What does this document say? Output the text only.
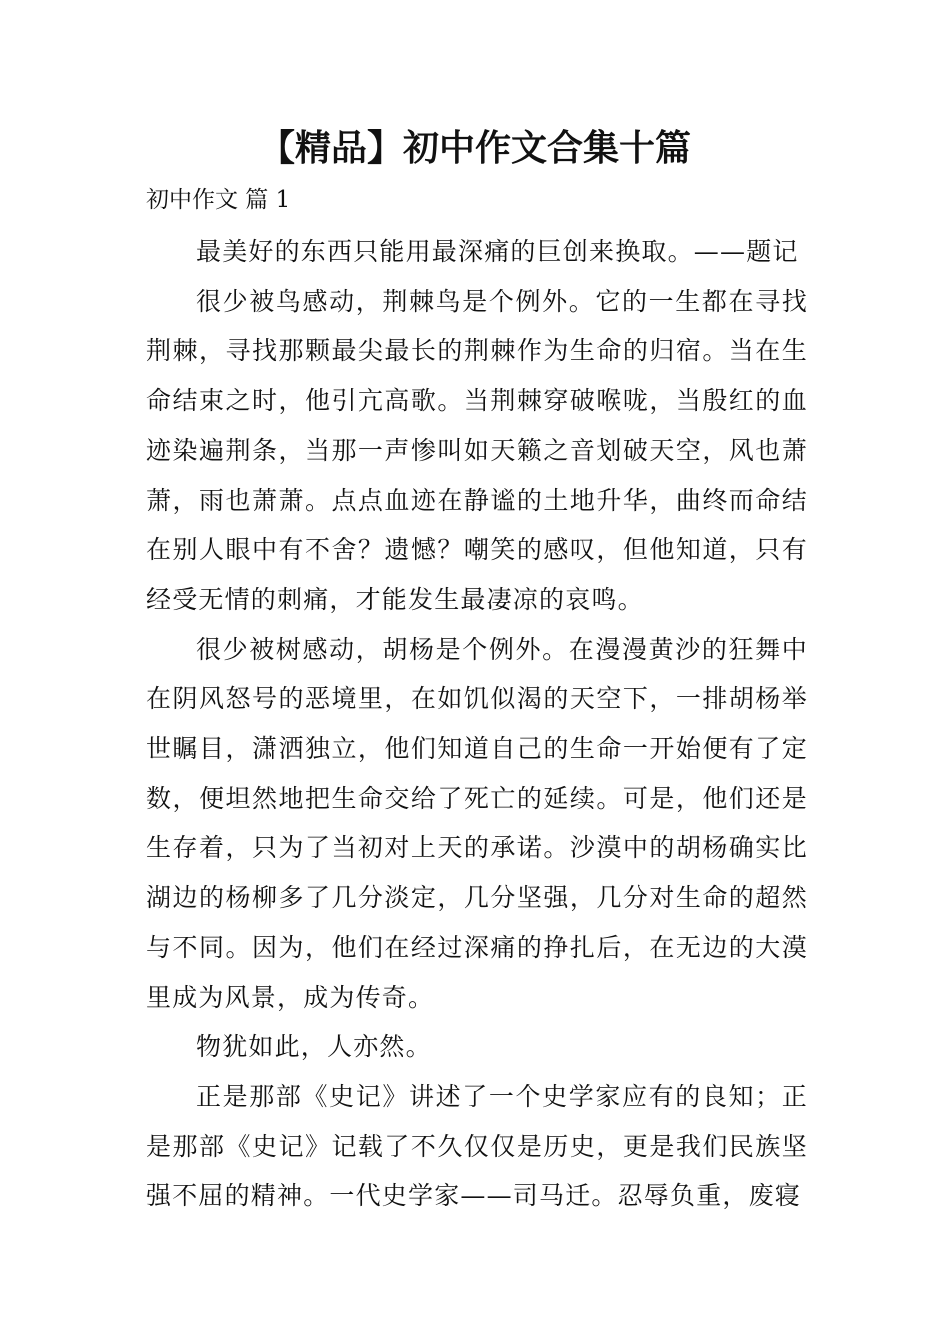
【精品】初中作文合集十篇
初中作文 篇 1

最美好的东西只能用最深痛的巨创来换取。——题记

很少被鸟感动，荆棘鸟是个例外。它的一生都在寻找荆棘，寻找那颗最尖最长的荆棘作为生命的归宿。当在生命结束之时，他引亢高歌。当荆棘穿破喉咙，当殷红的血迹染遍荆条，当那一声惨叫如天籁之音划破天空，风也萧萧，雨也萧萧。点点血迹在静谧的土地升华，曲终而命结在别人眼中有不舍？遗憾？嘲笑的感叹，但他知道，只有经受无情的刺痛，才能发生最凄凉的哀鸣。

很少被树感动，胡杨是个例外。在漫漫黄沙的狂舞中在阴风怒号的恶境里，在如饥似渴的天空下，一排胡杨举世瞩目，潇洒独立，他们知道自己的生命一开始便有了定数，便坦然地把生命交给了死亡的延续。可是，他们还是生存着，只为了当初对上天的承诺。沙漠中的胡杨确实比湖边的杨柳多了几分淡定，几分坚强，几分对生命的超然与不同。因为，他们在经过深痛的挣扎后，在无边的大漠里成为风景，成为传奇。

物犹如此，人亦然。

正是那部《史记》讲述了一个史学家应有的良知；正是那部《史记》记载了不久仅仅是历史，更是我们民族坚强不屈的精神。一代史学家——司马迁。忍辱负重，废寝
